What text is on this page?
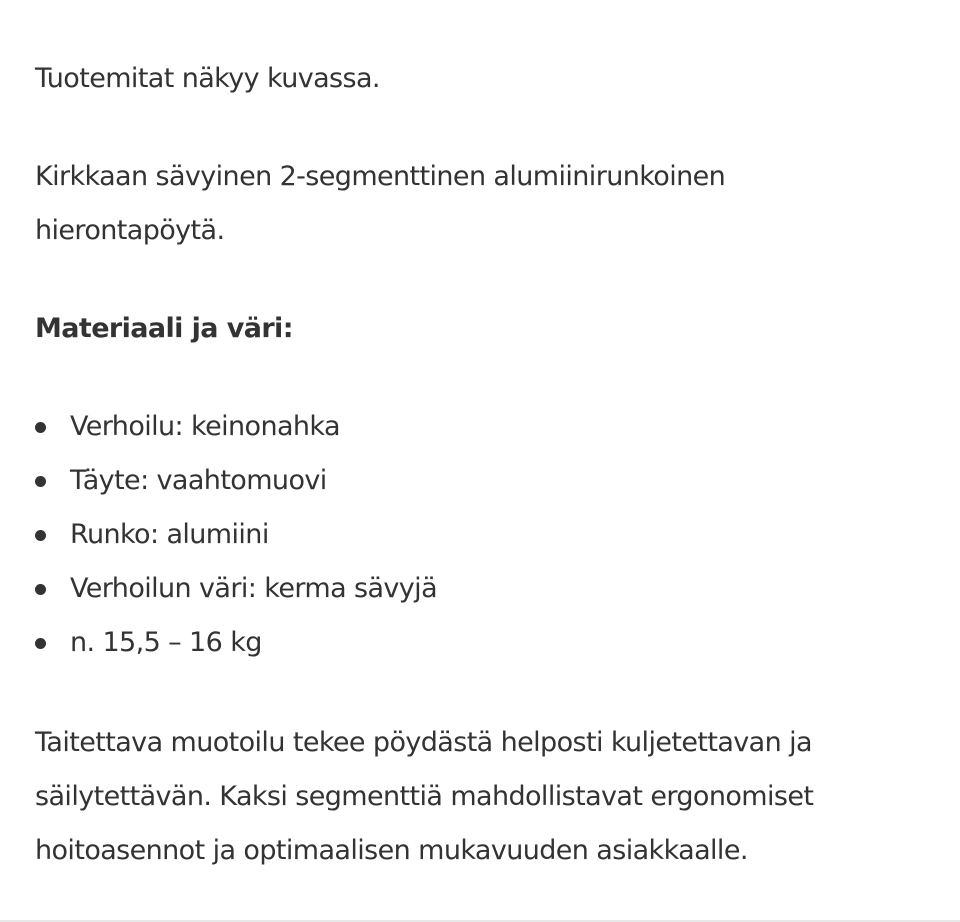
Tuotemitat näkyy kuvassa.

Kirkkaan sävyinen 2-segmenttinen alumiinirunkoinen hierontapöytä.

Materiaali ja väri:

Verhoilu: keinonahka
Täyte: vaahtomuovi
Runko: alumiini
Verhoilun väri: kerma sävyjä
n. 15,5 – 16 kg

Taitettava muotoilu tekee pöydästä helposti kuljetettavan ja säilytettävän. Kaksi segmenttiä mahdollistavat ergonomiset hoitoasennot ja optimaalisen mukavuuden asiakkaalle.
